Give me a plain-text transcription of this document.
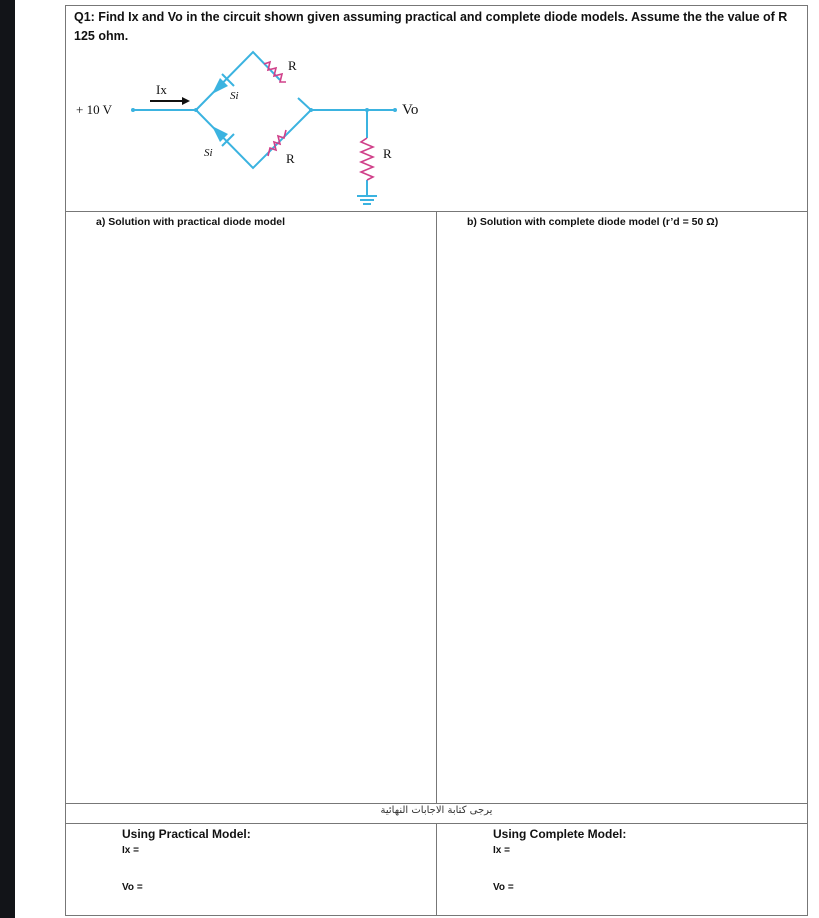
Q1: Find Ix and Vo in the circuit shown given assuming practical and complete diode models. Assume the the value of R 125 ohm.
+ 10 V
Ix	Si
Si
R
R	R
Vo
a) Solution with practical diode model	b) Solution with complete diode model (r’d = 50 Ω)
يرجى كتابة الاجابات النهائية
Using Practical Model:
Ix =
Vo =
Using Complete Model:
Ix =
Vo =
